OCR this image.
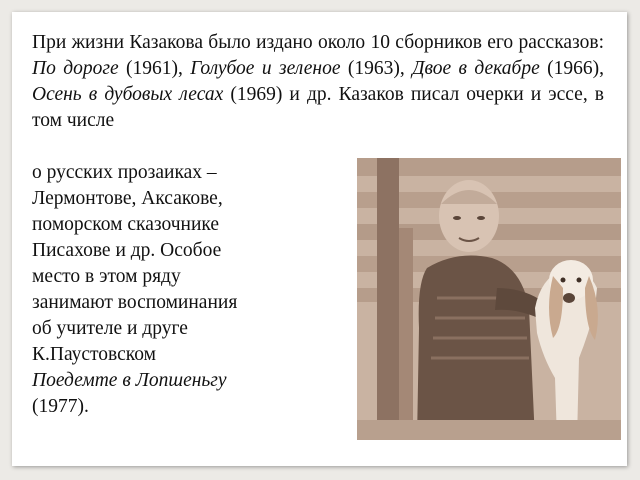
При жизни Казакова было издано около 10 сборников его рассказов: По дороге (1961), Голубое и зеленое (1963), Двое в декабре (1966), Осень в дубовых лесах (1969) и др. Казаков писал очерки и эссе, в том числе

о русских прозаиках –
Лермонтове, Аксакове,
поморском сказочнике
Писахове и др. Особое
место в этом ряду
занимают воспоминания
об учителе и друге
К.Паустовском
Поедемте в Лопшеньгу
(1977).
